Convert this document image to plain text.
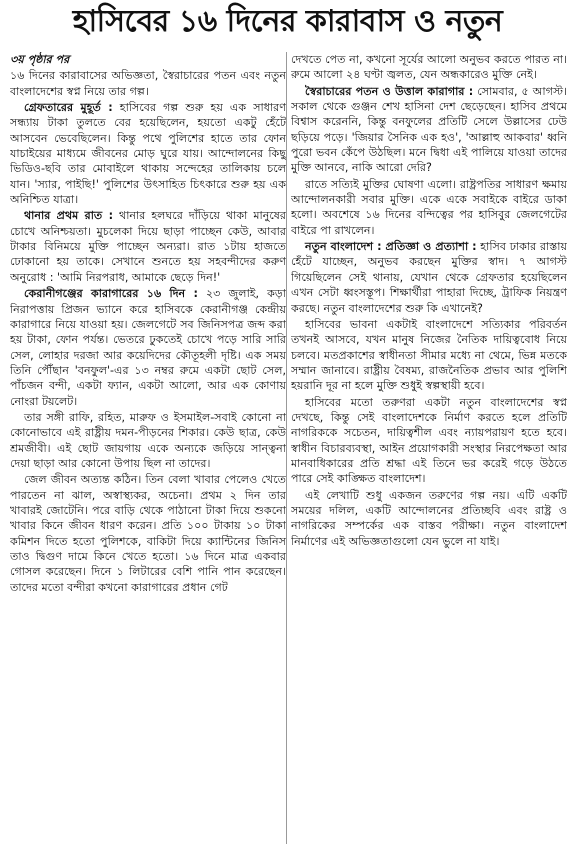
হাসিবের ১৬ দিনের কারাবাস ও নতুন

৩য় পৃষ্ঠার পর

১৬ দিনের কারাবাসের অভিজ্ঞতা, স্বৈরাচারের পতন এবং নতুন বাংলাদেশের স্বপ্ন নিয়ে তার গল্প।

গ্রেফতারের মুহূর্ত : হাসিবের গল্প শুরু হয় এক সাধারণ সন্ধ্যায় টাকা তুলতে বের হয়েছিলেন, হয়তো একটু হেঁটে আসবেন ভেবেছিলেন। কিন্তু পথে পুলিশের হাতে তার ফোন যাচাইয়ের মাধ্যমে জীবনের মোড় ঘুরে যায়। আন্দোলনের কিছু ভিডিও-ছবি তার মোবাইলে থাকায় সন্দেহের তালিকায় চলে যান। 'স্যার, পাইছি!' পুলিশের উৎসাহিত চিৎকারে শুরু হয় এক অনিশ্চিত যাত্রা।

থানার প্রথম রাত : থানার হলঘরে দাঁড়িয়ে থাকা মানুষের চোখে অনিশ্চয়তা। মুচলেকা দিয়ে ছাড়া পাচ্ছেন কেউ, আবার টাকার বিনিময়ে মুক্তি পাচ্ছেন অন্যরা। রাত ১টায় হাজতে ঢোকানো হয় তাকে। সেখানে শুনতে হয় সহবন্দীদের করুণ অনুরোধ : 'আমি নিরপরাধ, আমাকে ছেড়ে দিন!'

কেরানীগঞ্জের কারাগারের ১৬ দিন : ২৩ জুলাই, কড়া নিরাপত্তায় প্রিজন ভ্যানে করে হাসিবকে কেরানীগঞ্জ কেন্দ্রীয় কারাগারে নিয়ে যাওয়া হয়। জেলগেটে সব জিনিসপত্র জব্দ করা হয় টাকা, ফোন পর্যন্ত। ভেতরে ঢুকতেই চোখে পড়ে সারি সারি সেল, লোহার দরজা আর কয়েদিদের কৌতূহলী দৃষ্টি। এক সময় তিনি পৌঁছান 'বনফুল'-এর ১৩ নম্বর রুমে একটা ছোট সেল, পাঁচজন বন্দী, একটা ফ্যান, একটা আলো, আর এক কোণায় নোংরা টয়লেট।

তার সঙ্গী রাফি, রহিত, মারুফ ও ইসমাইল-সবাই কোনো না কোনোভাবে এই রাষ্ট্রীয় দমন-পীড়নের শিকার। কেউ ছাত্র, কেউ শ্রমজীবী। এই ছোট জায়গায় একে অন্যকে জড়িয়ে সান্ত্বনা দেয়া ছাড়া আর কোনো উপায় ছিল না তাদের।

জেল জীবন অত্যন্ত কঠিন। তিন বেলা খাবার পেলেও খেতে পারতেন না ঝাল, অস্বাস্থ্যকর, অচেনা। প্রথম ২ দিন তার খাবারই জোটেনি। পরে বাড়ি থেকে পাঠানো টাকা দিয়ে শুকনো খাবার কিনে জীবন ধারণ করেন। প্রতি ১০০ টাকায় ১০ টাকা কমিশন দিতে হতো পুলিশকে, বাকিটা দিয়ে ক্যান্টিনের জিনিস তাও দ্বিগুণ দামে কিনে খেতে হতো। ১৬ দিনে মাত্র একবার গোসল করেছেন। দিনে ১ লিটারের বেশি পানি পান করেছেন। তাদের মতো বন্দীরা কখনো কারাগারের প্রধান গেট

দেখতে পেত না, কখনো সূর্যের আলো অনুভব করতে পারত না। রুমে আলো ২৪ ঘণ্টা জ্বলত, যেন অন্ধকারেও মুক্তি নেই।

স্বৈরাচারের পতন ও উত্তাল কারাগার : সোমবার, ৫ আগস্ট। সকাল থেকে গুঞ্জন শেখ হাসিনা দেশ ছেড়েছেন। হাসিব প্রথমে বিশ্বাস করেননি, কিন্তু বনফুলের প্রতিটি সেলে উল্লাসের ঢেউ ছড়িয়ে পড়ে। 'জিয়ার সৈনিক এক হও', 'আল্লাহু আকবার' ধ্বনি পুরো ভবন কেঁপে উঠছিল। মনে দ্বিধা এই পালিয়ে যাওয়া তাদের মুক্তি আনবে, নাকি আরো দেরি?

রাতে সত্যিই মুক্তির ঘোষণা এলো। রাষ্ট্রপতির সাধারণ ক্ষমায় আন্দোলনকারী সবার মুক্তি। একে একে সবাইকে বাইরে ডাকা হলো। অবশেষে ১৬ দিনের বন্দিত্বের পর হাসিবুর জেলগেটের বাইরে পা রাখলেন।

নতুন বাংলাদেশ : প্রতিজ্ঞা ও প্রত্যাশা : হাসিব ঢাকার রাস্তায় হেঁটে যাচ্ছেন, অনুভব করছেন মুক্তির স্বাদ। ৭ আগস্ট গিয়েছিলেন সেই থানায়, যেখান থেকে গ্রেফতার হয়েছিলেন এখন সেটা ধ্বংসস্তূপ। শিক্ষার্থীরা পাহারা দিচ্ছে, ট্রাফিক নিয়ন্ত্রণ করছে। নতুন বাংলাদেশের শুরু কি এখানেই?

হাসিবের ভাবনা একটাই বাংলাদেশে সত্যিকার পরিবর্তন তখনই আসবে, যখন মানুষ নিজের নৈতিক দায়িত্ববোধ নিয়ে চলবে। মতপ্রকাশের স্বাধীনতা সীমার মধ্যে না থেমে, ভিন্ন মতকে সম্মান জানাবে। রাষ্ট্রীয় বৈষম্য, রাজনৈতিক প্রভাব আর পুলিশি হয়রানি দূর না হলে মুক্তি শুধুই স্বল্পস্থায়ী হবে।

হাসিবের মতো তরুণরা একটা নতুন বাংলাদেশের স্বপ্ন দেখছে, কিন্তু সেই বাংলাদেশকে নির্মাণ করতে হলে প্রতিটি নাগরিককে সচেতন, দায়িত্বশীল এবং ন্যায়পরায়ণ হতে হবে। স্বাধীন বিচারব্যবস্থা, আইন প্রয়োগকারী সংস্থার নিরপেক্ষতা আর মানবাধিকারের প্রতি শ্রদ্ধা এই তিনে ভর করেই গড়ে উঠতে পারে সেই কাঙ্ক্ষিত বাংলাদেশ।

এই লেখাটি শুধু একজন তরুণের গল্প নয়। এটি একটি সময়ের দলিল, একটি আন্দোলনের প্রতিচ্ছবি এবং রাষ্ট্র ও নাগরিকের সম্পর্কের এক বাস্তব পরীক্ষা। নতুন বাংলাদেশ নির্মাণের এই অভিজ্ঞতাগুলো যেন ভুলে না যাই।
